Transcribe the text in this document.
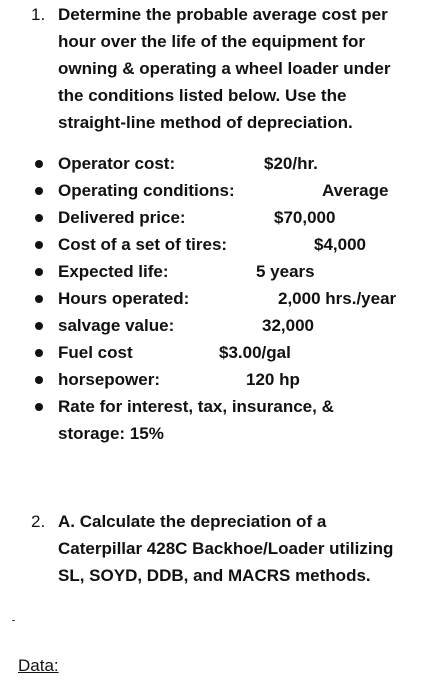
1. Determine the probable average cost per
hour over the life of the equipment for
owning & operating a wheel loader under
the conditions listed below. Use the
straight-line method of depreciation.
Operator cost:	$20/hr.
Operating conditions:	Average
Delivered price:	$70,000
Cost of a set of tires:	$4,000
Expected life:	5 years
Hours operated:	2,000 hrs./year
salvage value:	32,000
Fuel cost	$3.00/gal
horsepower:	120 hp
Rate for interest, tax, insurance, &
storage: 15%
2. A. Calculate the depreciation of a
Caterpillar 428C Backhoe/Loader utilizing
SL, SOYD, DDB, and MACRS methods.
Data:
